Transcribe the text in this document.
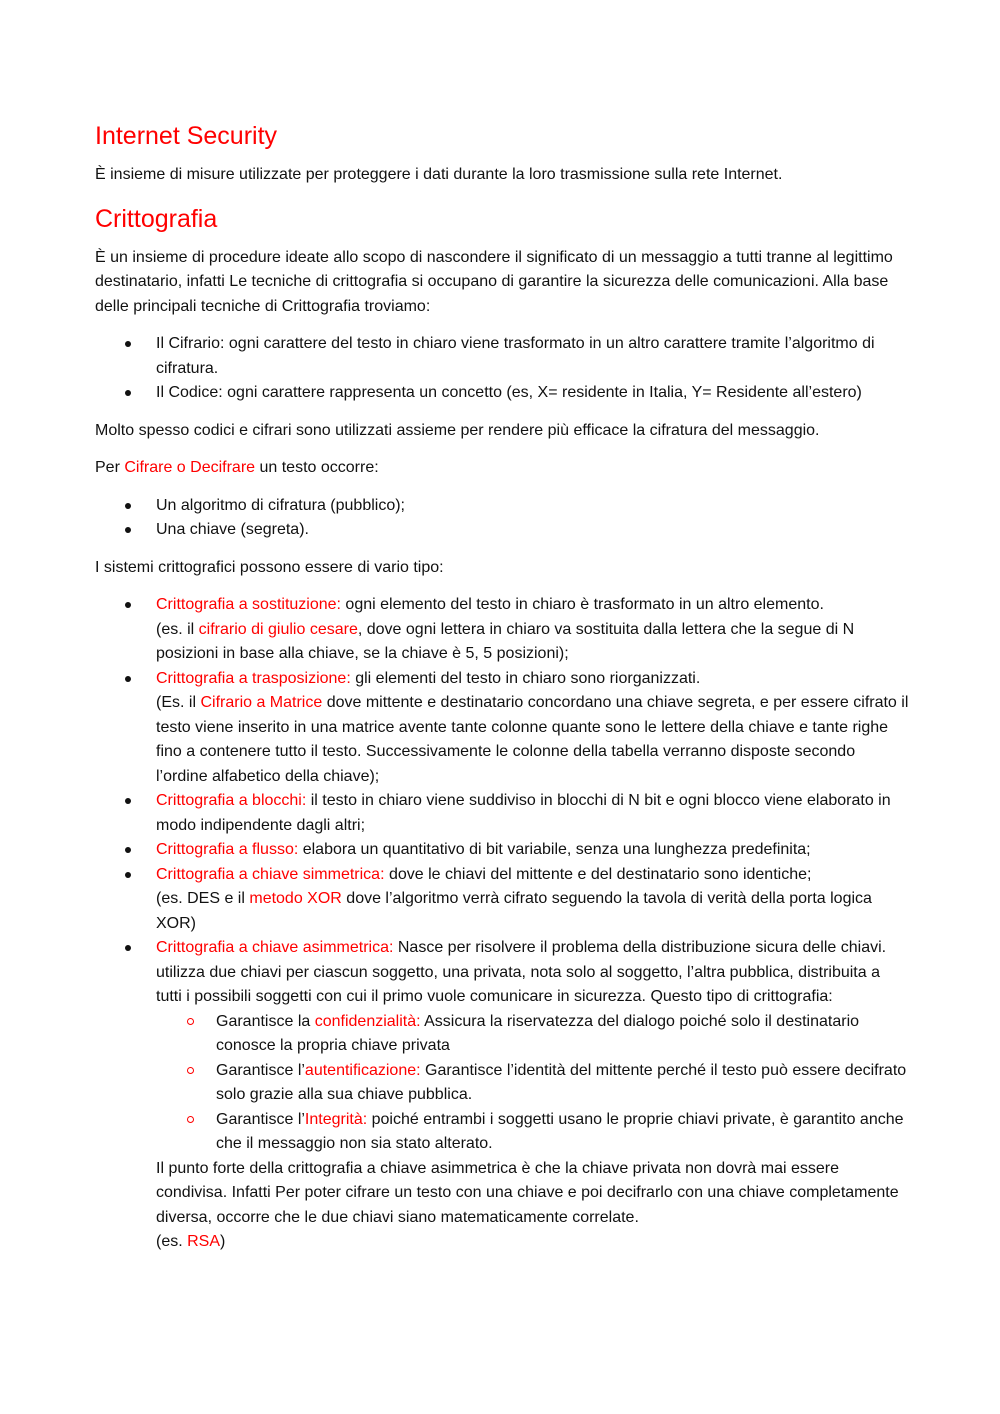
Internet Security

È insieme di misure utilizzate per proteggere i dati durante la loro trasmissione sulla rete Internet.

Crittografia

È un insieme di procedure ideate allo scopo di nascondere il significato di un messaggio a tutti tranne al legittimo destinatario, infatti Le tecniche di crittografia si occupano di garantire la sicurezza delle comunicazioni. Alla base delle principali tecniche di Crittografia troviamo:

Il Cifrario: ogni carattere del testo in chiaro viene trasformato in un altro carattere tramite l’algoritmo di cifratura.
Il Codice: ogni carattere rappresenta un concetto (es, X= residente in Italia, Y= Residente all’estero)

Molto spesso codici e cifrari sono utilizzati assieme per rendere più efficace la cifratura del messaggio.

Per Cifrare o Decifrare un testo occorre:

Un algoritmo di cifratura (pubblico);
Una chiave (segreta).

I sistemi crittografici possono essere di vario tipo:

Crittografia a sostituzione: ogni elemento del testo in chiaro è trasformato in un altro elemento.
(es. il cifrario di giulio cesare, dove ogni lettera in chiaro va sostituita dalla lettera che la segue di N posizioni in base alla chiave, se la chiave è 5, 5 posizioni);
Crittografia a trasposizione: gli elementi del testo in chiaro sono riorganizzati.
(Es. il Cifrario a Matrice dove mittente e destinatario concordano una chiave segreta, e per essere cifrato il testo viene inserito in una matrice avente tante colonne quante sono le lettere della chiave e tante righe fino a contenere tutto il testo. Successivamente le colonne della tabella verranno disposte secondo l’ordine alfabetico della chiave);
Crittografia a blocchi: il testo in chiaro viene suddiviso in blocchi di N bit e ogni blocco viene elaborato in modo indipendente dagli altri;
Crittografia a flusso: elabora un quantitativo di bit variabile, senza una lunghezza predefinita;
Crittografia a chiave simmetrica: dove le chiavi del mittente e del destinatario sono identiche;
(es. DES e il metodo XOR dove l’algoritmo verrà cifrato seguendo la tavola di verità della porta logica XOR)
Crittografia a chiave asimmetrica: Nasce per risolvere il problema della distribuzione sicura delle chiavi. utilizza due chiavi per ciascun soggetto, una privata, nota solo al soggetto, l’altra pubblica, distribuita a tutti i possibili soggetti con cui il primo vuole comunicare in sicurezza. Questo tipo di crittografia:
Garantisce la confidenzialità: Assicura la riservatezza del dialogo poiché solo il destinatario conosce la propria chiave privata
Garantisce l’autentificazione: Garantisce l’identità del mittente perché il testo può essere decifrato solo grazie alla sua chiave pubblica.
Garantisce l’Integrità: poiché entrambi i soggetti usano le proprie chiavi private, è garantito anche che il messaggio non sia stato alterato.
Il punto forte della crittografia a chiave asimmetrica è che la chiave privata non dovrà mai essere condivisa. Infatti Per poter cifrare un testo con una chiave e poi decifrarlo con una chiave completamente diversa, occorre che le due chiavi siano matematicamente correlate.
(es. RSA)
